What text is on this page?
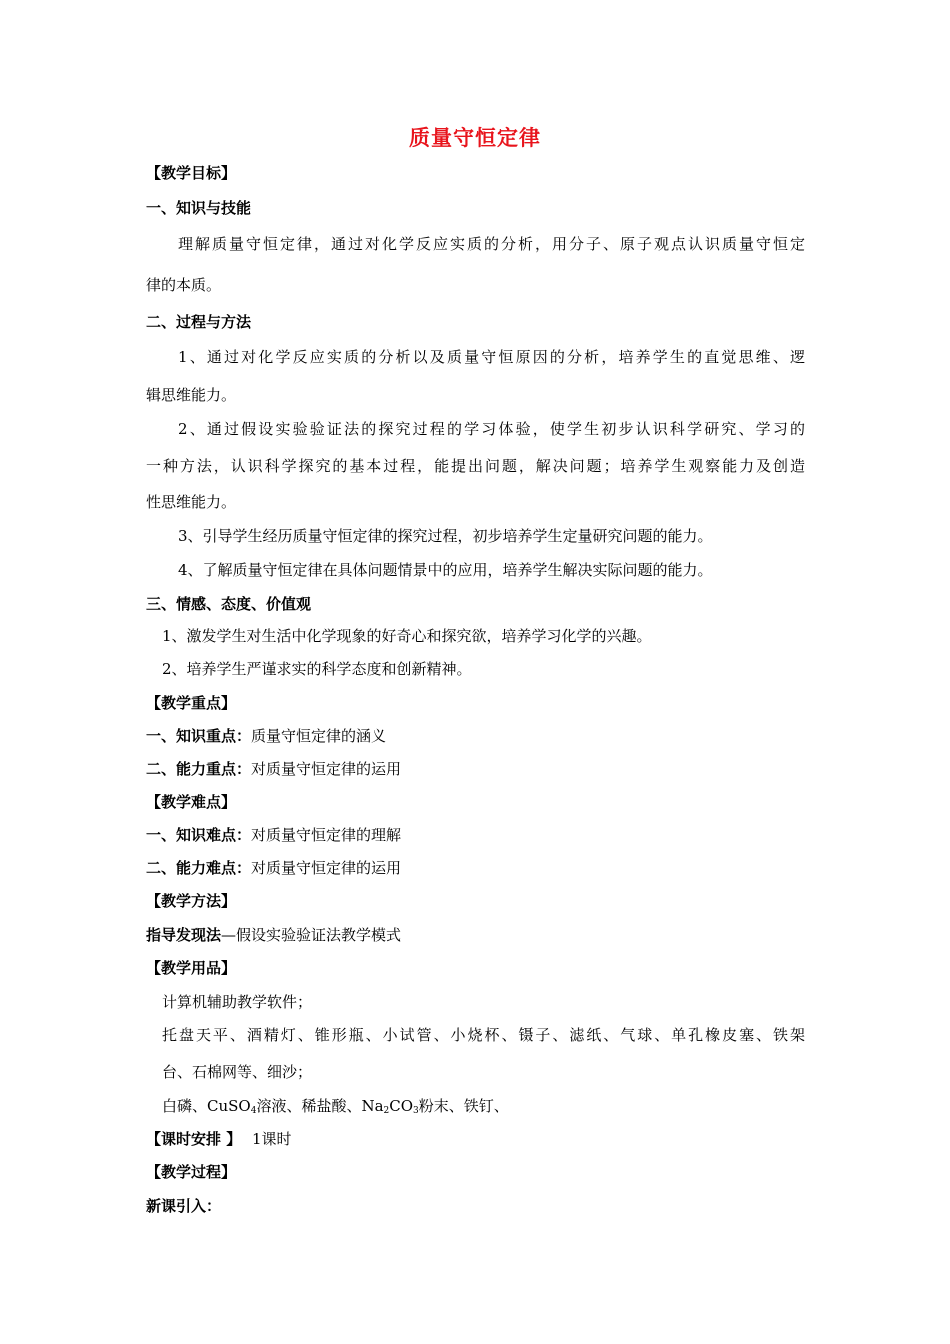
质量守恒定律
【教学目标】
一、知识与技能
理解质量守恒定律，通过对化学反应实质的分析，用分子、原子观点认识质量守恒定
律的本质。
二、过程与方法
1、通过对化学反应实质的分析以及质量守恒原因的分析，培养学生的直觉思维、逻
辑思维能力。
2、通过假设实验验证法的探究过程的学习体验，使学生初步认识科学研究、学习的
一种方法，认识科学探究的基本过程，能提出问题，解决问题；培养学生观察能力及创造
性思维能力。
3、引导学生经历质量守恒定律的探究过程，初步培养学生定量研究问题的能力。
4、了解质量守恒定律在具体问题情景中的应用，培养学生解决实际问题的能力。
三、情感、态度、价值观
1、激发学生对生活中化学现象的好奇心和探究欲，培养学习化学的兴趣。
2、培养学生严谨求实的科学态度和创新精神。
【教学重点】
一、知识重点：质量守恒定律的涵义
二、能力重点：对质量守恒定律的运用
【教学难点】
一、知识难点：对质量守恒定律的理解
二、能力难点：对质量守恒定律的运用
【教学方法】
指导发现法—假设实验验证法教学模式
【教学用品】
计算机辅助教学软件；
托盘天平、酒精灯、锥形瓶、小试管、小烧杯、镊子、滤纸、气球、单孔橡皮塞、铁架
台、石棉网等、细沙；
白磷、CuSO$_4$溶液、稀盐酸、$Na_2CO_3$粉末、铁钉、
【课时安排 】 1课时
【教学过程】
新课引入：
